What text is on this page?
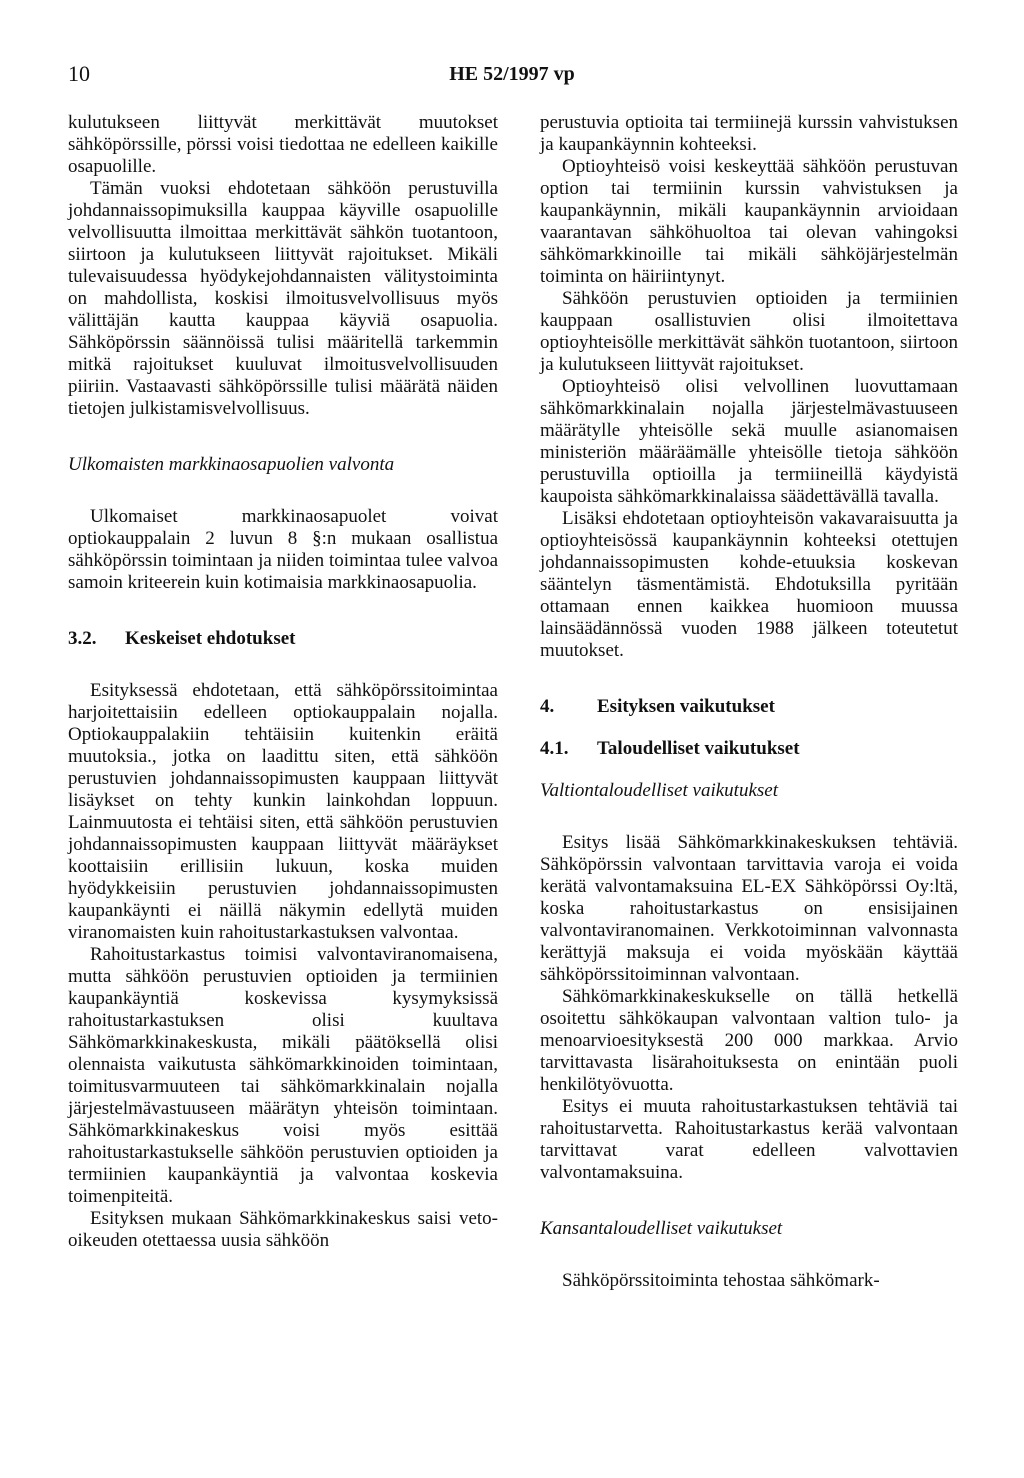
10	HE 52/1997 vp

kulutukseen liittyvät merkittävät muutokset sähköpörssille, pörssi voisi tiedottaa ne edelleen kaikille osapuolille.

Tämän vuoksi ehdotetaan sähköön perustuvilla johdannaissopimuksilla kauppaa käyville osapuolille velvollisuutta ilmoittaa merkittävät sähkön tuotantoon, siirtoon ja kulutukseen liittyvät rajoitukset. Mikäli tulevaisuudessa hyödykejohdannaisten välitystoiminta on mahdollista, koskisi ilmoitusvelvollisuus myös välittäjän kautta kauppaa käyviä osapuolia. Sähköpörssin säännöissä tulisi määritellä tarkemmin mitkä rajoitukset kuuluvat ilmoitusvelvollisuuden piiriin. Vastaavasti sähköpörssille tulisi määrätä näiden tietojen julkistamisvelvollisuus.

Ulkomaisten markkinaosapuolien valvonta

Ulkomaiset markkinaosapuolet voivat optiokauppalain 2 luvun 8 §:n mukaan osallistua sähköpörssin toimintaan ja niiden toimintaa tulee valvoa samoin kriteerein kuin kotimaisia markkinaosapuolia.

3.2.	Keskeiset ehdotukset

Esityksessä ehdotetaan, että sähköpörssitoimintaa harjoitettaisiin edelleen optiokauppalain nojalla. Optiokauppalakiin tehtäisiin kuitenkin eräitä muutoksia., jotka on laadittu siten, että sähköön perustuvien johdannaissopimusten kauppaan liittyvät lisäykset on tehty kunkin lainkohdan loppuun. Lainmuutosta ei tehtäisi siten, että sähköön perustuvien johdannaissopimusten kauppaan liittyvät määräykset koottaisiin erillisiin lukuun, koska muiden hyödykkeisiin perustuvien johdannaissopimusten kaupankäynti ei näillä näkymin edellytä muiden viranomaisten kuin rahoitustarkastuksen valvontaa.

Rahoitustarkastus toimisi valvontaviranomaisena, mutta sähköön perustuvien optioiden ja termiinien kaupankäyntiä koskevissa kysymyksissä rahoitustarkastuksen olisi kuultava Sähkömarkkinakeskusta, mikäli päätöksellä olisi olennaista vaikutusta sähkömarkkinoiden toimintaan, toimitusvarmuuteen tai sähkömarkkinalain nojalla järjestelmävastuuseen määrätyn yhteisön toimintaan. Sähkömarkkinakeskus voisi myös esittää rahoitustarkastukselle sähköön perustuvien optioiden ja termiinien kaupankäyntiä ja valvontaa koskevia toimenpiteitä.

Esityksen mukaan Sähkömarkkinakeskus saisi veto-oikeuden otettaessa uusia sähköön

perustuvia optioita tai termiinejä kurssin vahvistuksen ja kaupankäynnin kohteeksi.

Optioyhteisö voisi keskeyttää sähköön perustuvan option tai termiinin kurssin vahvistuksen ja kaupankäynnin, mikäli kaupankäynnin arvioidaan vaarantavan sähköhuoltoa tai olevan vahingoksi sähkömarkkinoille tai mikäli sähköjärjestelmän toiminta on häiriintynyt.

Sähköön perustuvien optioiden ja termiinien kauppaan osallistuvien olisi ilmoitettava optioyhteisölle merkittävät sähkön tuotantoon, siirtoon ja kulutukseen liittyvät rajoitukset.

Optioyhteisö olisi velvollinen luovuttamaan sähkömarkkinalain nojalla järjestelmävastuuseen määrätylle yhteisölle sekä muulle asianomaisen ministeriön määräämälle yhteisölle tietoja sähköön perustuvilla optioilla ja termiineillä käydyistä kaupoista sähkömarkkinalaissa säädettävällä tavalla.

Lisäksi ehdotetaan optioyhteisön vakavaraisuutta ja optioyhteisössä kaupankäynnin kohteeksi otettujen johdannaissopimusten kohde-etuuksia koskevan sääntelyn täsmentämistä. Ehdotuksilla pyritään ottamaan ennen kaikkea huomioon muussa lainsäädännössä vuoden 1988 jälkeen toteutetut muutokset.

4.	Esityksen vaikutukset
4.1.	Taloudelliset vaikutukset
Valtiontaloudelliset vaikutukset

Esitys lisää Sähkömarkkinakeskuksen tehtäviä. Sähköpörssin valvontaan tarvittavia varoja ei voida kerätä valvontamaksuina EL-EX Sähköpörssi Oy:ltä, koska rahoitustarkastus on ensisijainen valvontaviranomainen. Verkkotoiminnan valvonnasta kerättyjä maksuja ei voida myöskään käyttää sähköpörssitoiminnan valvontaan.

Sähkömarkkinakeskukselle on tällä hetkellä osoitettu sähkökaupan valvontaan valtion tulo- ja menoarvioesityksestä 200 000 markkaa. Arvio tarvittavasta lisärahoituksesta on enintään puoli henkilötyövuotta.

Esitys ei muuta rahoitustarkastuksen tehtäviä tai rahoitustarvetta. Rahoitustarkastus kerää valvontaan tarvittavat varat edelleen valvottavien valvontamaksuina.

Kansantaloudelliset vaikutukset

Sähköpörssitoiminta tehostaa sähkömark-
